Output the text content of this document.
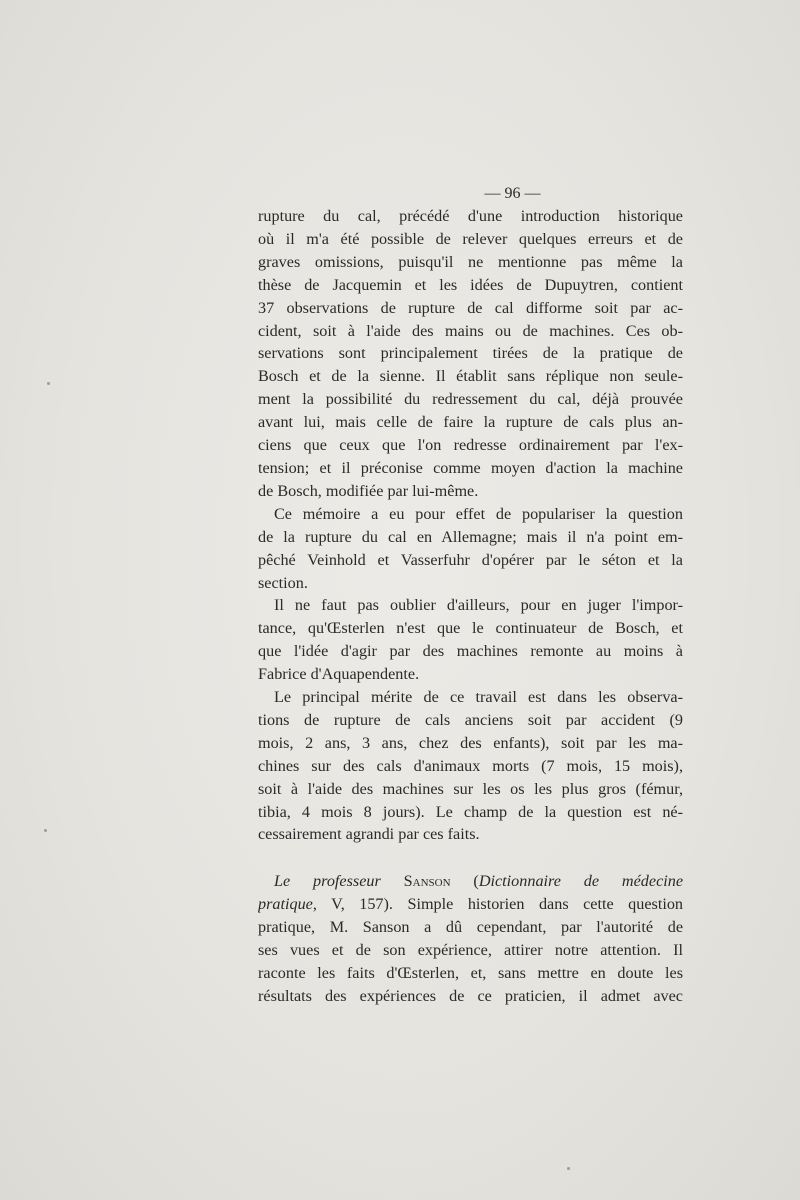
— 96 —
rupture du cal, précédé d'une introduction historique
où il m'a été possible de relever quelques erreurs et de
graves omissions, puisqu'il ne mentionne pas même la
thèse de Jacquemin et les idées de Dupuytren, contient
37 observations de rupture de cal difforme soit par ac-
cident, soit à l'aide des mains ou de machines. Ces ob-
servations sont principalement tirées de la pratique de
Bosch et de la sienne. Il établit sans réplique non seule-
ment la possibilité du redressement du cal, déjà prouvée
avant lui, mais celle de faire la rupture de cals plus an-
ciens que ceux que l'on redresse ordinairement par l'ex-
tension; et il préconise comme moyen d'action la machine
de Bosch, modifiée par lui-même.
Ce mémoire a eu pour effet de populariser la question
de la rupture du cal en Allemagne; mais il n'a point em-
pêché Veinhold et Vasserfuhr d'opérer par le séton et la
section.
Il ne faut pas oublier d'ailleurs, pour en juger l'impor-
tance, qu'Œsterlen n'est que le continuateur de Bosch, et
que l'idée d'agir par des machines remonte au moins à
Fabrice d'Aquapendente.
Le principal mérite de ce travail est dans les observa-
tions de rupture de cals anciens soit par accident (9
mois, 2 ans, 3 ans, chez des enfants), soit par les ma-
chines sur des cals d'animaux morts (7 mois, 15 mois),
soit à l'aide des machines sur les os les plus gros (fémur,
tibia, 4 mois 8 jours). Le champ de la question est né-
cessairement agrandi par ces faits.
Le professeur Sanson (Dictionnaire de médecine
pratique, V, 157). Simple historien dans cette question
pratique, M. Sanson a dû cependant, par l'autorité de
ses vues et de son expérience, attirer notre attention. Il
raconte les faits d'Œsterlen, et, sans mettre en doute les
résultats des expériences de ce praticien, il admet avec
